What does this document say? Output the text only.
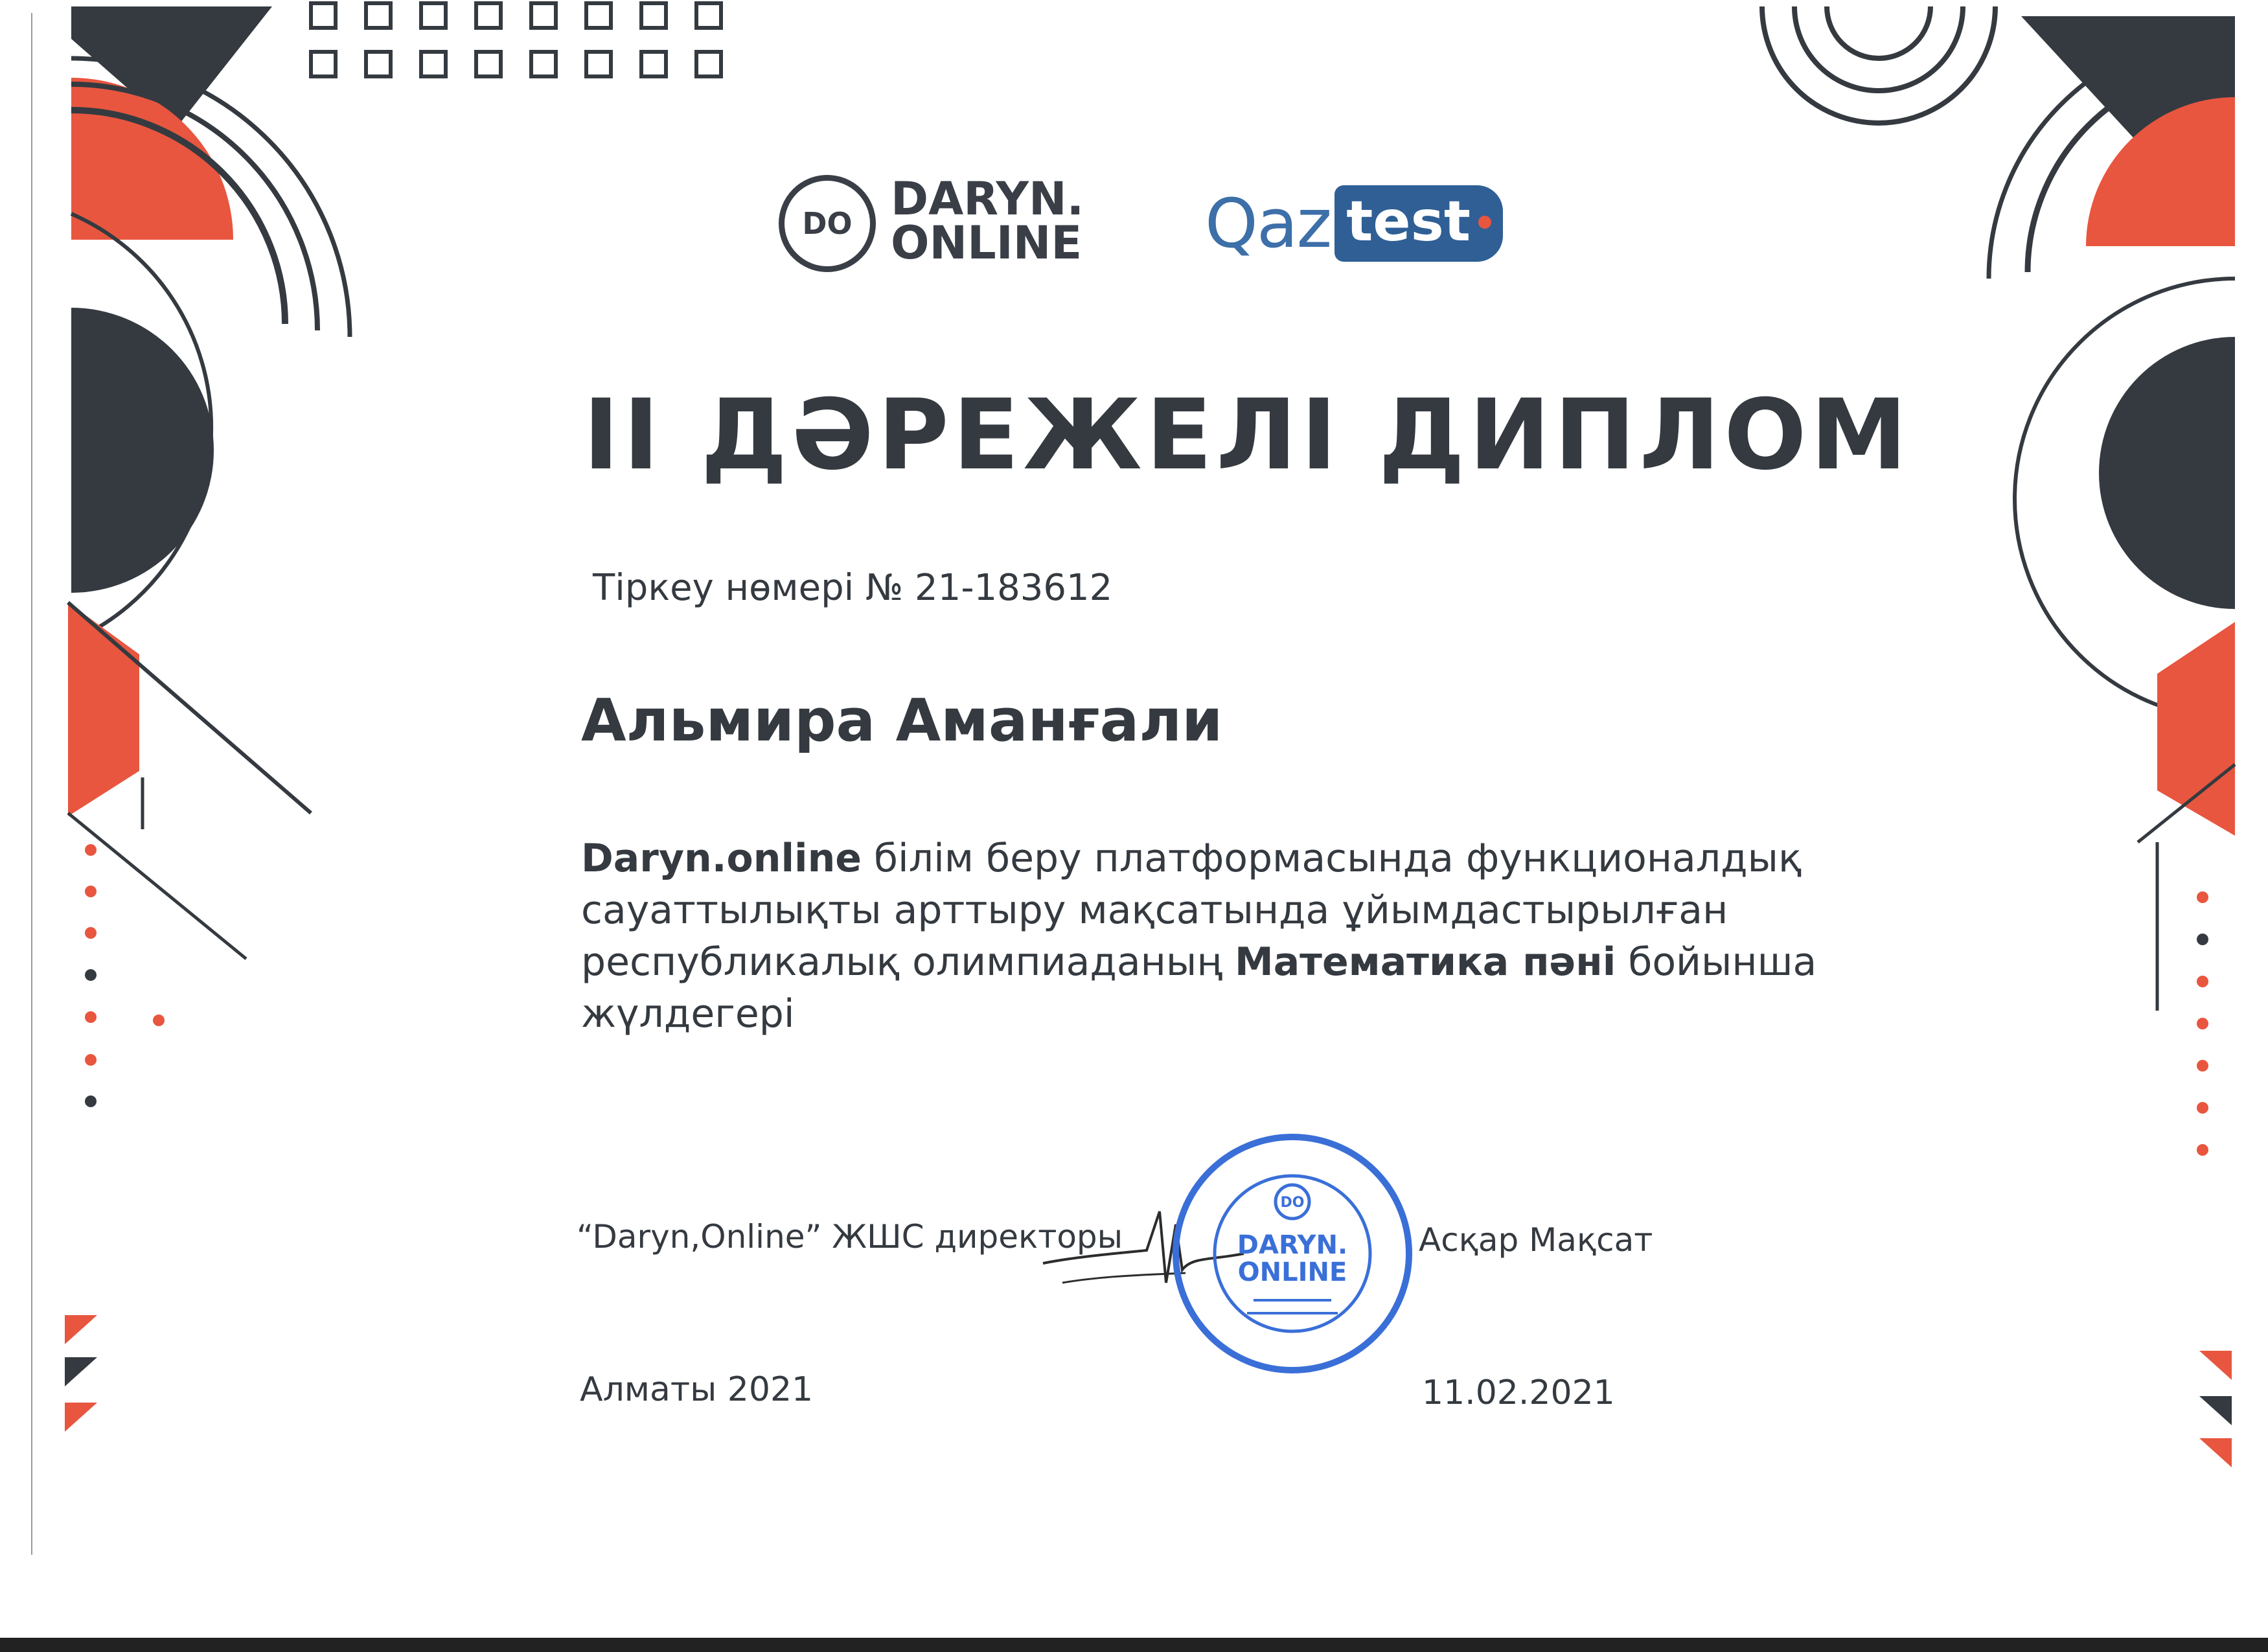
DO DARYN.
ONLINE Qaz test
II ДӘРЕЖЕЛІ ДИПЛОМ
Тіркеу нөмері № 21-183612
Альмира Аманғали
Daryn.online білім беру платформасында функционалдық сауаттылықты арттыру мақсатында ұйымдастырылған республикалық олимпиаданың Математика пәні бойынша жүлдегері
“Daryn,Online” ЖШС директоры	Асқар Мақсат
DO
DARYN.
ONLINE
Алматы 2021	11.02.2021
